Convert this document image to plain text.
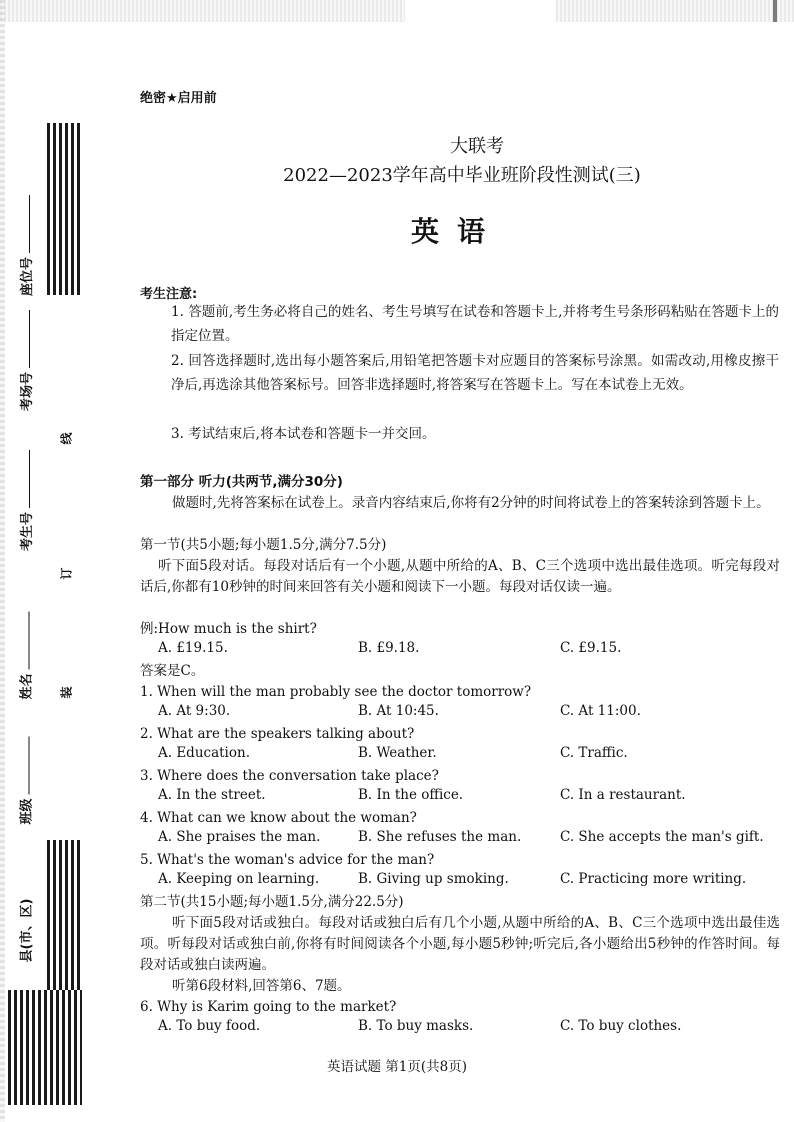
座位号
考场号
考生号
姓名
班级
县(市、区)
线
订
装
绝密★启用前
大联考
2022—2023学年高中毕业班阶段性测试(三)
英语
考生注意:
1. 答题前,考生务必将自己的姓名、考生号填写在试卷和答题卡上,并将考生号条形码粘贴在答题卡上的指定位置。
2. 回答选择题时,选出每小题答案后,用铅笔把答题卡对应题目的答案标号涂黑。如需改动,用橡皮擦干净后,再选涂其他答案标号。回答非选择题时,将答案写在答题卡上。写在本试卷上无效。
3. 考试结束后,将本试卷和答题卡一并交回。
第一部分 听力(共两节,满分30分)
做题时,先将答案标在试卷上。录音内容结束后,你将有2分钟的时间将试卷上的答案转涂到答题卡上。
第一节(共5小题;每小题1.5分,满分7.5分)
听下面5段对话。每段对话后有一个小题,从题中所给的A、B、C三个选项中选出最佳选项。听完每段对话后,你都有10秒钟的时间来回答有关小题和阅读下一小题。每段对话仅读一遍。
例:How much is the shirt?
A. £19.15.	B. £9.18.	C. £9.15.
答案是C。
1. When will the man probably see the doctor tomorrow?
A. At 9:30.	B. At 10:45.	C. At 11:00.
2. What are the speakers talking about?
A. Education.	B. Weather.	C. Traffic.
3. Where does the conversation take place?
A. In the street.	B. In the office.	C. In a restaurant.
4. What can we know about the woman?
A. She praises the man.	B. She refuses the man.	C. She accepts the man's gift.
5. What's the woman's advice for the man?
A. Keeping on learning.	B. Giving up smoking.	C. Practicing more writing.
第二节(共15小题;每小题1.5分,满分22.5分)
听下面5段对话或独白。每段对话或独白后有几个小题,从题中所给的A、B、C三个选项中选出最佳选项。听每段对话或独白前,你将有时间阅读各个小题,每小题5秒钟;听完后,各小题给出5秒钟的作答时间。每段对话或独白读两遍。
听第6段材料,回答第6、7题。
6. Why is Karim going to the market?
A. To buy food.	B. To buy masks.	C. To buy clothes.
英语试题 第1页(共8页)
